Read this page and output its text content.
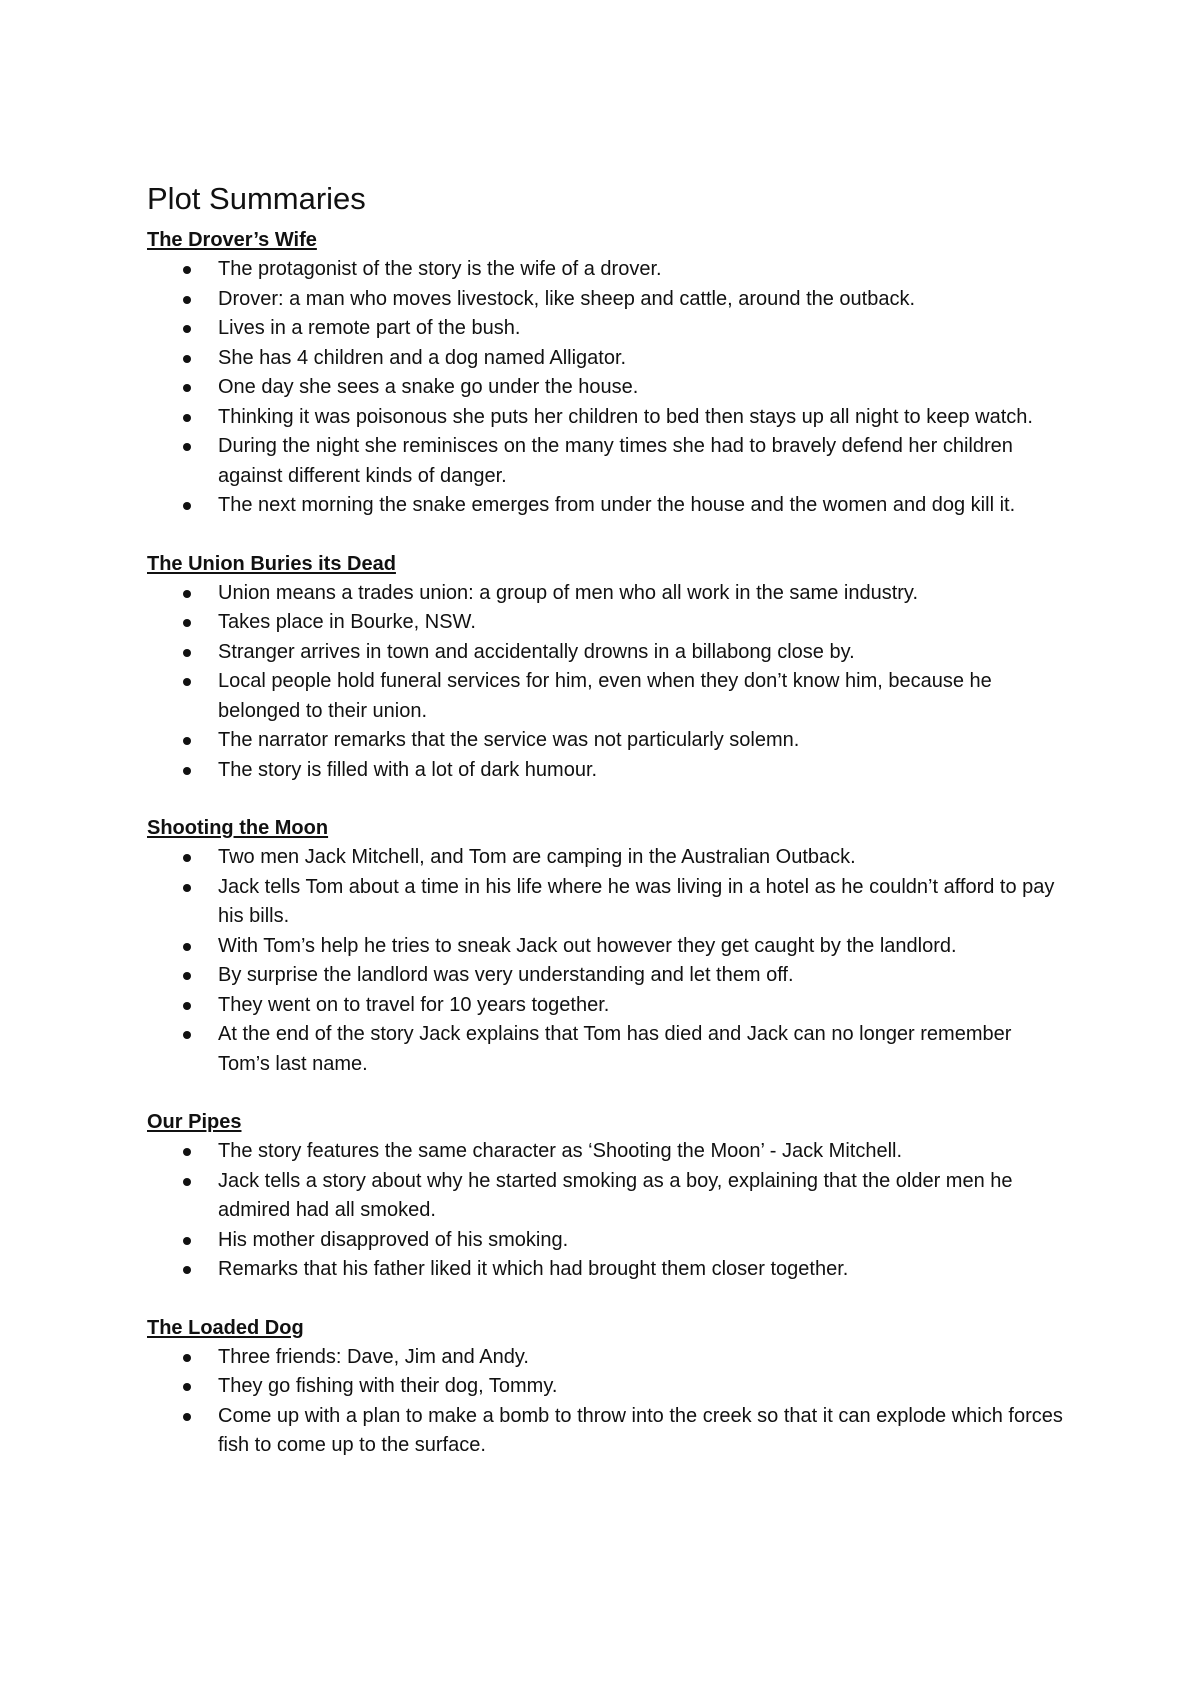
Plot Summaries
The Drover’s Wife
The protagonist of the story is the wife of a drover.
Drover: a man who moves livestock, like sheep and cattle, around the outback.
Lives in a remote part of the bush.
She has 4 children and a dog named Alligator.
One day she sees a snake go under the house.
Thinking it was poisonous she puts her children to bed then stays up all night to keep watch.
During the night she reminisces on the many times she had to bravely defend her children against different kinds of danger.
The next morning the snake emerges from under the house and the women and dog kill it.
The Union Buries its Dead
Union means a trades union: a group of men who all work in the same industry.
Takes place in Bourke, NSW.
Stranger arrives in town and accidentally drowns in a billabong close by.
Local people hold funeral services for him, even when they don’t know him, because he belonged to their union.
The narrator remarks that the service was not particularly solemn.
The story is filled with a lot of dark humour.
Shooting the Moon
Two men Jack Mitchell, and Tom are camping in the Australian Outback.
Jack tells Tom about a time in his life where he was living in a hotel as he couldn’t afford to pay his bills.
With Tom’s help he tries to sneak Jack out however they get caught by the landlord.
By surprise the landlord was very understanding and let them off.
They went on to travel for 10 years together.
At the end of the story Jack explains that Tom has died and Jack can no longer remember Tom’s last name.
Our Pipes
The story features the same character as ‘Shooting the Moon’ - Jack Mitchell.
Jack tells a story about why he started smoking as a boy, explaining that the older men he admired had all smoked.
His mother disapproved of his smoking.
Remarks that his father liked it which had brought them closer together.
The Loaded Dog
Three friends: Dave, Jim and Andy.
They go fishing with their dog, Tommy.
Come up with a plan to make a bomb to throw into the creek so that it can explode which forces fish to come up to the surface.
